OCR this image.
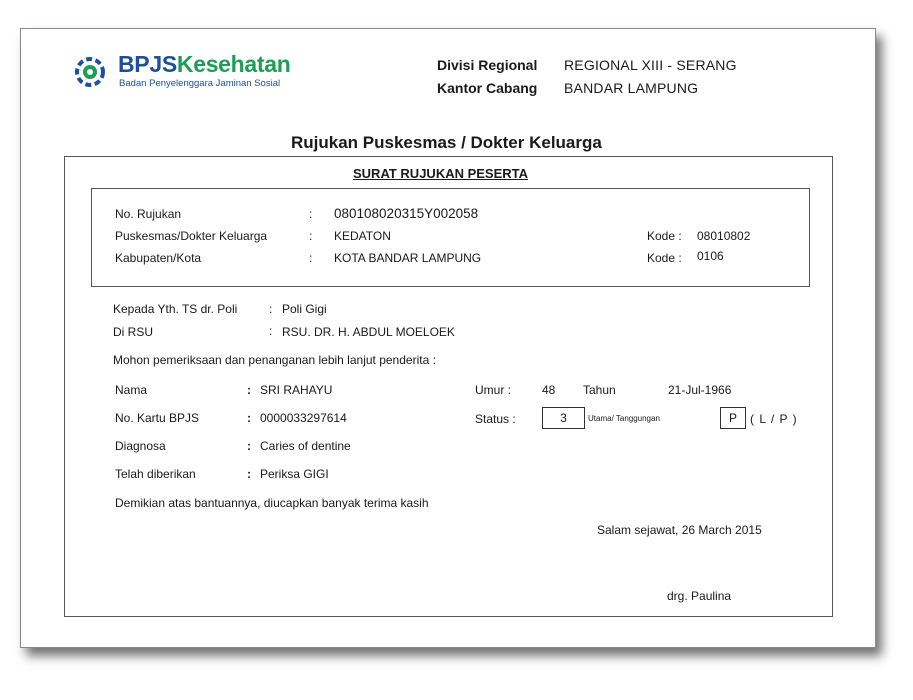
BPJSKesehatan
Badan Penyelenggara Jaminan Sosial
Divisi Regional REGIONAL XIII - SERANG
Kantor Cabang BANDAR LAMPUNG
Rujukan Puskesmas / Dokter Keluarga
SURAT RUJUKAN PESERTA
No. Rujukan	: 080108020315Y002058
Puskesmas/Dokter Keluarga	: KEDATON	Kode : 08010802
Kabupaten/Kota	: KOTA BANDAR LAMPUNG	Kode : 0106
Kepada Yth. TS dr. Poli	: Poli Gigi
Di RSU	: RSU. DR. H. ABDUL MOELOEK
Mohon pemeriksaan dan penanganan lebih lanjut penderita :
Nama	: SRI RAHAYU	Umur :	48 Tahun	21-Jul-1966
No. Kartu BPJS	: 0000033297614	Status :	3	Utama/ Tanggungan	P	( L / P )
Diagnosa	: Caries of dentine
Telah diberikan	: Periksa GIGI
Demikian atas bantuannya, diucapkan banyak terima kasih
Salam sejawat, 26 March 2015
drg. Paulina
